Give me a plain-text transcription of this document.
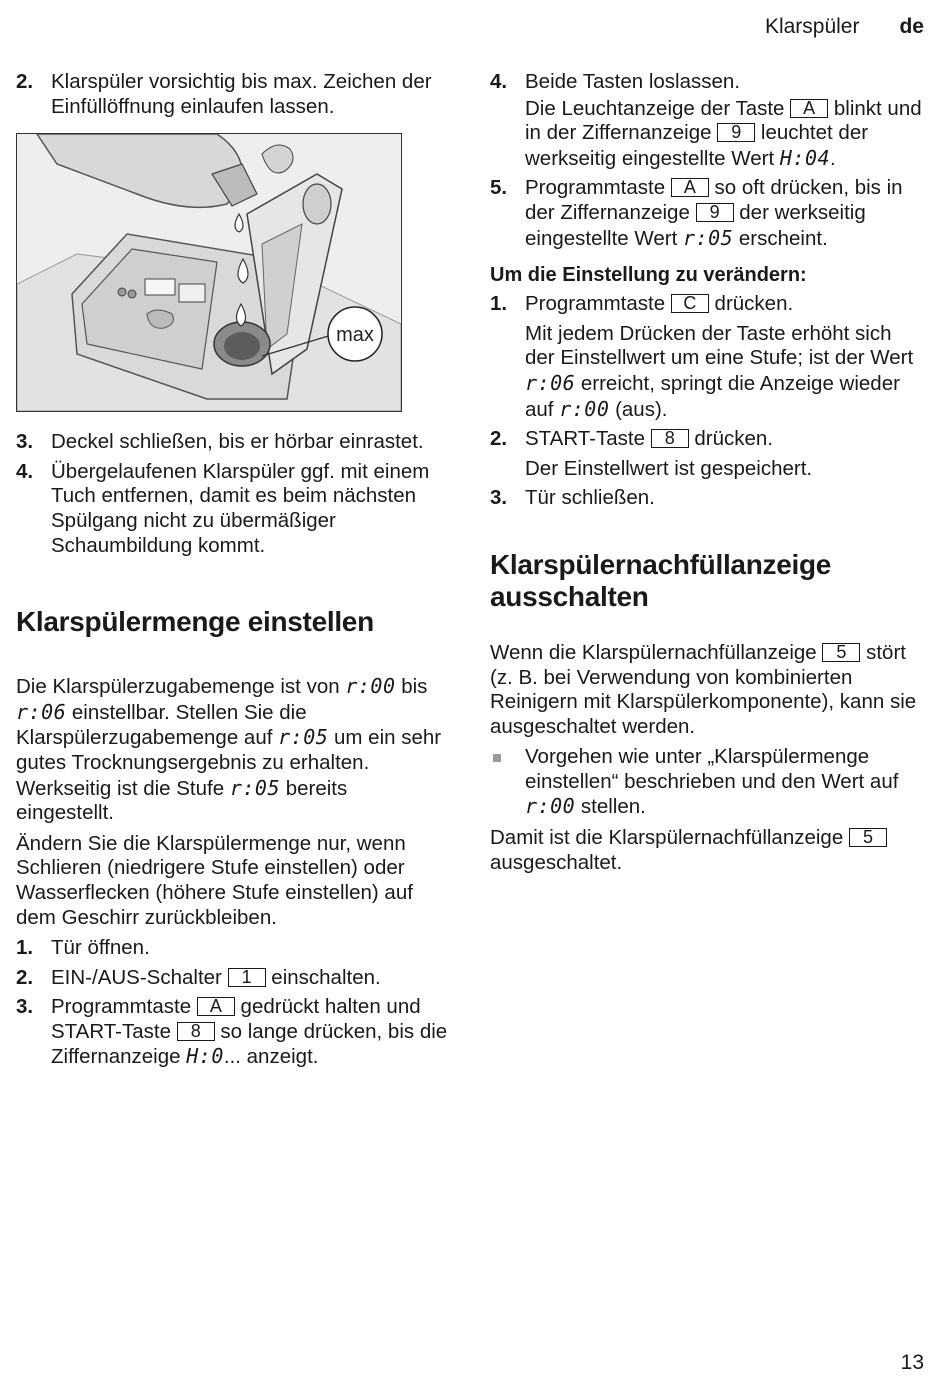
Klarspüler de
2. Klarspüler vorsichtig bis max. Zeichen der Einfüllöffnung einlaufen lassen.
max
3. Deckel schließen, bis er hörbar einrastet.
4. Übergelaufenen Klarspüler ggf. mit einem Tuch entfernen, damit es beim nächsten Spülgang nicht zu übermäßiger Schaumbildung kommt.
Klarspülermenge einstellen

Die Klarspülerzugabemenge ist von r:00 bis r:06 einstellbar. Stellen Sie die Klarspülerzugabemenge auf r:05 um ein sehr gutes Trocknungsergebnis zu erhalten. Werkseitig ist die Stufe r:05 bereits eingestellt.

Ändern Sie die Klarspülermenge nur, wenn Schlieren (niedrigere Stufe einstellen) oder Wasserflecken (höhere Stufe einstellen) auf dem Geschirr zurückbleiben.

1. Tür öffnen.
2. EIN-/AUS-Schalter 1 einschalten.
3. Programmtaste A gedrückt halten und START-Taste 8 so lange drücken, bis die Ziffernanzeige H:0... anzeigt.
4. Beide Tasten loslassen.
Die Leuchtanzeige der Taste A blinkt und in der Ziffernanzeige 9 leuchtet der werkseitig eingestellte Wert H:04.
5. Programmtaste A so oft drücken, bis in der Ziffernanzeige 9 der werkseitig eingestellte Wert r:05 erscheint.
Um die Einstellung zu verändern:
1. Programmtaste C drücken.
Mit jedem Drücken der Taste erhöht sich der Einstellwert um eine Stufe; ist der Wert r:06 erreicht, springt die Anzeige wieder auf r:00 (aus).
2. START-Taste 8 drücken.
Der Einstellwert ist gespeichert.
3. Tür schließen.
Klarspülernachfüllanzeige ausschalten

Wenn die Klarspülernachfüllanzeige 5 stört (z. B. bei Verwendung von kombinierten Reinigern mit Klarspülerkomponente), kann sie ausgeschaltet werden.

Vorgehen wie unter „Klarspülermenge einstellen“ beschrieben und den Wert auf r:00 stellen.

Damit ist die Klarspülernachfüllanzeige 5 ausgeschaltet.

13
